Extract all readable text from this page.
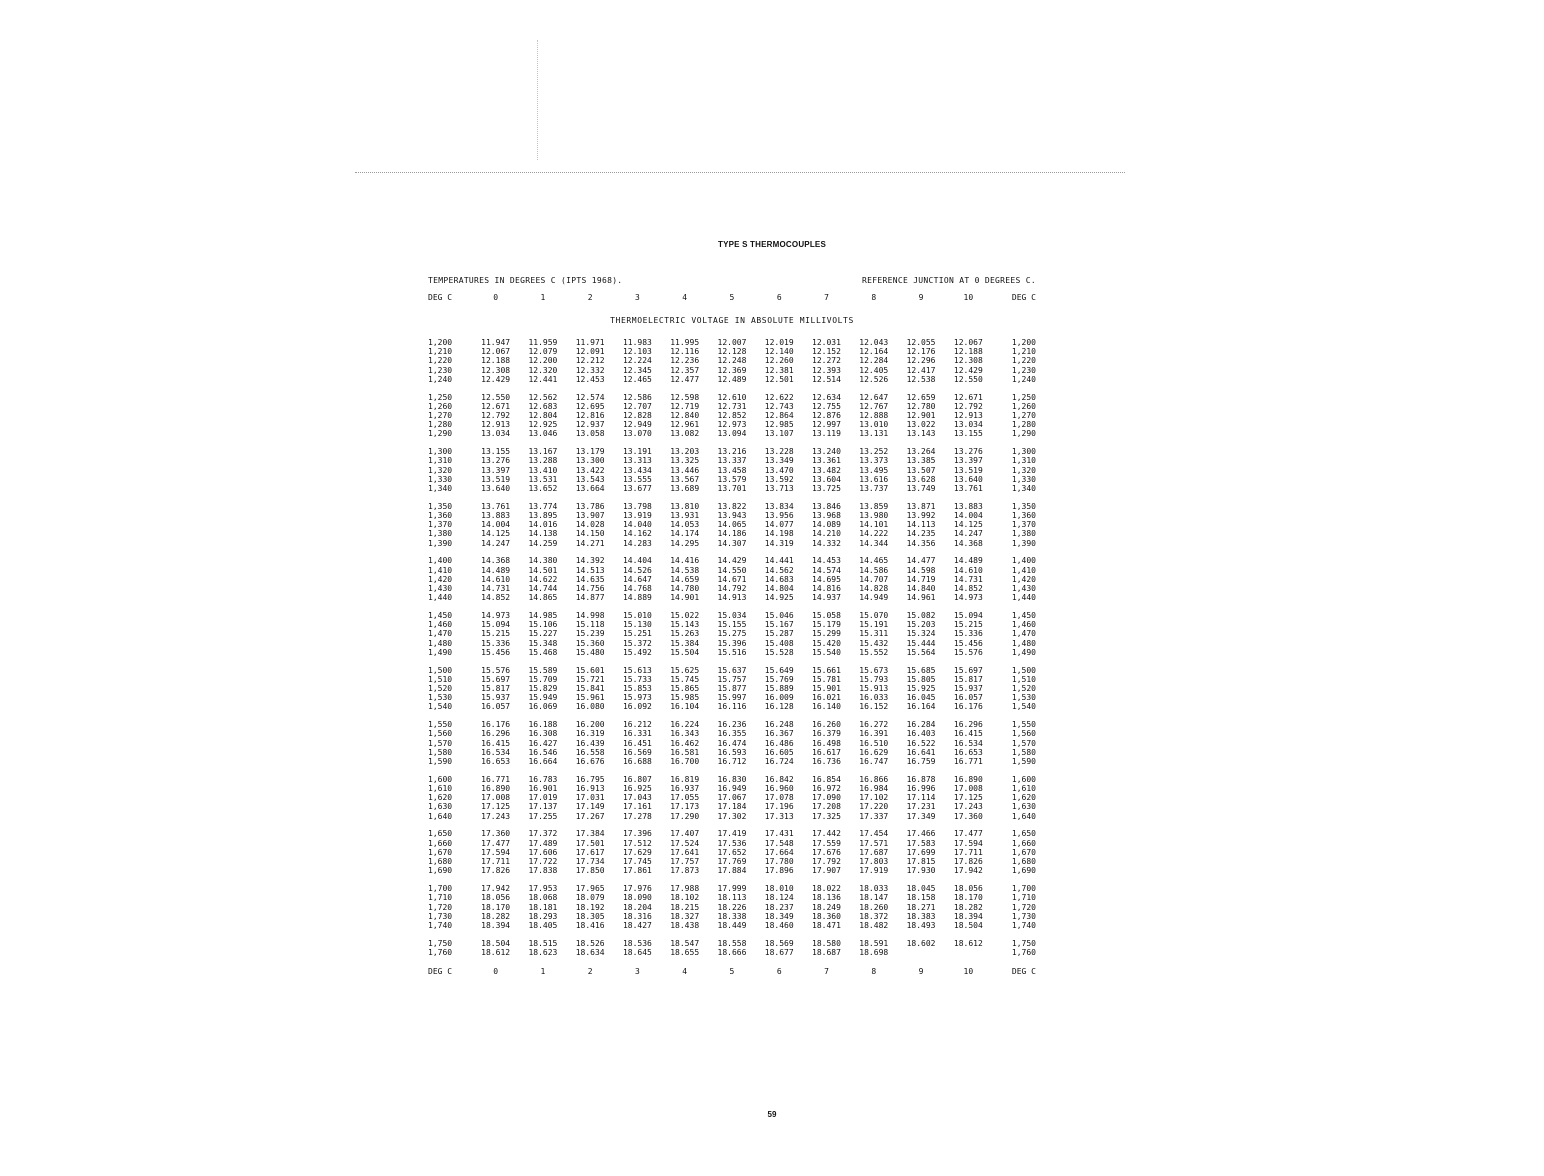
TYPE S THERMOCOUPLES
TEMPERATURES IN DEGREES C (IPTS 1968).	REFERENCE JUNCTION AT 0 DEGREES C.
THERMOELECTRIC VOLTAGE IN ABSOLUTE MILLIVOLTS
DEG C	0	1	2	3	4	5	6	7	8	9	10	DEG C

1,200	11.947	11.959	11.971	11.983	11.995	12.007	12.019	12.031	12.043	12.055	12.067	1,200
1,210	12.067	12.079	12.091	12.103	12.116	12.128	12.140	12.152	12.164	12.176	12.188	1,210
1,220	12.188	12.200	12.212	12.224	12.236	12.248	12.260	12.272	12.284	12.296	12.308	1,220
1,230	12.308	12.320	12.332	12.345	12.357	12.369	12.381	12.393	12.405	12.417	12.429	1,230
1,240	12.429	12.441	12.453	12.465	12.477	12.489	12.501	12.514	12.526	12.538	12.550	1,240

1,250	12.550	12.562	12.574	12.586	12.598	12.610	12.622	12.634	12.647	12.659	12.671	1,250
1,260	12.671	12.683	12.695	12.707	12.719	12.731	12.743	12.755	12.767	12.780	12.792	1,260
1,270	12.792	12.804	12.816	12.828	12.840	12.852	12.864	12.876	12.888	12.901	12.913	1,270
1,280	12.913	12.925	12.937	12.949	12.961	12.973	12.985	12.997	13.010	13.022	13.034	1,280
1,290	13.034	13.046	13.058	13.070	13.082	13.094	13.107	13.119	13.131	13.143	13.155	1,290

1,300	13.155	13.167	13.179	13.191	13.203	13.216	13.228	13.240	13.252	13.264	13.276	1,300
1,310	13.276	13.288	13.300	13.313	13.325	13.337	13.349	13.361	13.373	13.385	13.397	1,310
1,320	13.397	13.410	13.422	13.434	13.446	13.458	13.470	13.482	13.495	13.507	13.519	1,320
1,330	13.519	13.531	13.543	13.555	13.567	13.579	13.592	13.604	13.616	13.628	13.640	1,330
1,340	13.640	13.652	13.664	13.677	13.689	13.701	13.713	13.725	13.737	13.749	13.761	1,340

1,350	13.761	13.774	13.786	13.798	13.810	13.822	13.834	13.846	13.859	13.871	13.883	1,350
1,360	13.883	13.895	13.907	13.919	13.931	13.943	13.956	13.968	13.980	13.992	14.004	1,360
1,370	14.004	14.016	14.028	14.040	14.053	14.065	14.077	14.089	14.101	14.113	14.125	1,370
1,380	14.125	14.138	14.150	14.162	14.174	14.186	14.198	14.210	14.222	14.235	14.247	1,380
1,390	14.247	14.259	14.271	14.283	14.295	14.307	14.319	14.332	14.344	14.356	14.368	1,390

1,400	14.368	14.380	14.392	14.404	14.416	14.429	14.441	14.453	14.465	14.477	14.489	1,400
1,410	14.489	14.501	14.513	14.526	14.538	14.550	14.562	14.574	14.586	14.598	14.610	1,410
1,420	14.610	14.622	14.635	14.647	14.659	14.671	14.683	14.695	14.707	14.719	14.731	1,420
1,430	14.731	14.744	14.756	14.768	14.780	14.792	14.804	14.816	14.828	14.840	14.852	1,430
1,440	14.852	14.865	14.877	14.889	14.901	14.913	14.925	14.937	14.949	14.961	14.973	1,440

1,450	14.973	14.985	14.998	15.010	15.022	15.034	15.046	15.058	15.070	15.082	15.094	1,450
1,460	15.094	15.106	15.118	15.130	15.143	15.155	15.167	15.179	15.191	15.203	15.215	1,460
1,470	15.215	15.227	15.239	15.251	15.263	15.275	15.287	15.299	15.311	15.324	15.336	1,470
1,480	15.336	15.348	15.360	15.372	15.384	15.396	15.408	15.420	15.432	15.444	15.456	1,480
1,490	15.456	15.468	15.480	15.492	15.504	15.516	15.528	15.540	15.552	15.564	15.576	1,490

1,500	15.576	15.589	15.601	15.613	15.625	15.637	15.649	15.661	15.673	15.685	15.697	1,500
1,510	15.697	15.709	15.721	15.733	15.745	15.757	15.769	15.781	15.793	15.805	15.817	1,510
1,520	15.817	15.829	15.841	15.853	15.865	15.877	15.889	15.901	15.913	15.925	15.937	1,520
1,530	15.937	15.949	15.961	15.973	15.985	15.997	16.009	16.021	16.033	16.045	16.057	1,530
1,540	16.057	16.069	16.080	16.092	16.104	16.116	16.128	16.140	16.152	16.164	16.176	1,540

1,550	16.176	16.188	16.200	16.212	16.224	16.236	16.248	16.260	16.272	16.284	16.296	1,550
1,560	16.296	16.308	16.319	16.331	16.343	16.355	16.367	16.379	16.391	16.403	16.415	1,560
1,570	16.415	16.427	16.439	16.451	16.462	16.474	16.486	16.498	16.510	16.522	16.534	1,570
1,580	16.534	16.546	16.558	16.569	16.581	16.593	16.605	16.617	16.629	16.641	16.653	1,580
1,590	16.653	16.664	16.676	16.688	16.700	16.712	16.724	16.736	16.747	16.759	16.771	1,590

1,600	16.771	16.783	16.795	16.807	16.819	16.830	16.842	16.854	16.866	16.878	16.890	1,600
1,610	16.890	16.901	16.913	16.925	16.937	16.949	16.960	16.972	16.984	16.996	17.008	1,610
1,620	17.008	17.019	17.031	17.043	17.055	17.067	17.078	17.090	17.102	17.114	17.125	1,620
1,630	17.125	17.137	17.149	17.161	17.173	17.184	17.196	17.208	17.220	17.231	17.243	1,630
1,640	17.243	17.255	17.267	17.278	17.290	17.302	17.313	17.325	17.337	17.349	17.360	1,640

1,650	17.360	17.372	17.384	17.396	17.407	17.419	17.431	17.442	17.454	17.466	17.477	1,650
1,660	17.477	17.489	17.501	17.512	17.524	17.536	17.548	17.559	17.571	17.583	17.594	1,660
1,670	17.594	17.606	17.617	17.629	17.641	17.652	17.664	17.676	17.687	17.699	17.711	1,670
1,680	17.711	17.722	17.734	17.745	17.757	17.769	17.780	17.792	17.803	17.815	17.826	1,680
1,690	17.826	17.838	17.850	17.861	17.873	17.884	17.896	17.907	17.919	17.930	17.942	1,690

1,700	17.942	17.953	17.965	17.976	17.988	17.999	18.010	18.022	18.033	18.045	18.056	1,700
1,710	18.056	18.068	18.079	18.090	18.102	18.113	18.124	18.136	18.147	18.158	18.170	1,710
1,720	18.170	18.181	18.192	18.204	18.215	18.226	18.237	18.249	18.260	18.271	18.282	1,720
1,730	18.282	18.293	18.305	18.316	18.327	18.338	18.349	18.360	18.372	18.383	18.394	1,730
1,740	18.394	18.405	18.416	18.427	18.438	18.449	18.460	18.471	18.482	18.493	18.504	1,740

1,750	18.504	18.515	18.526	18.536	18.547	18.558	18.569	18.580	18.591	18.602	18.612	1,750
1,760	18.612	18.623	18.634	18.645	18.655	18.666	18.677	18.687	18.698			1,760

DEG C	0	1	2	3	4	5	6	7	8	9	10	DEG C
59
